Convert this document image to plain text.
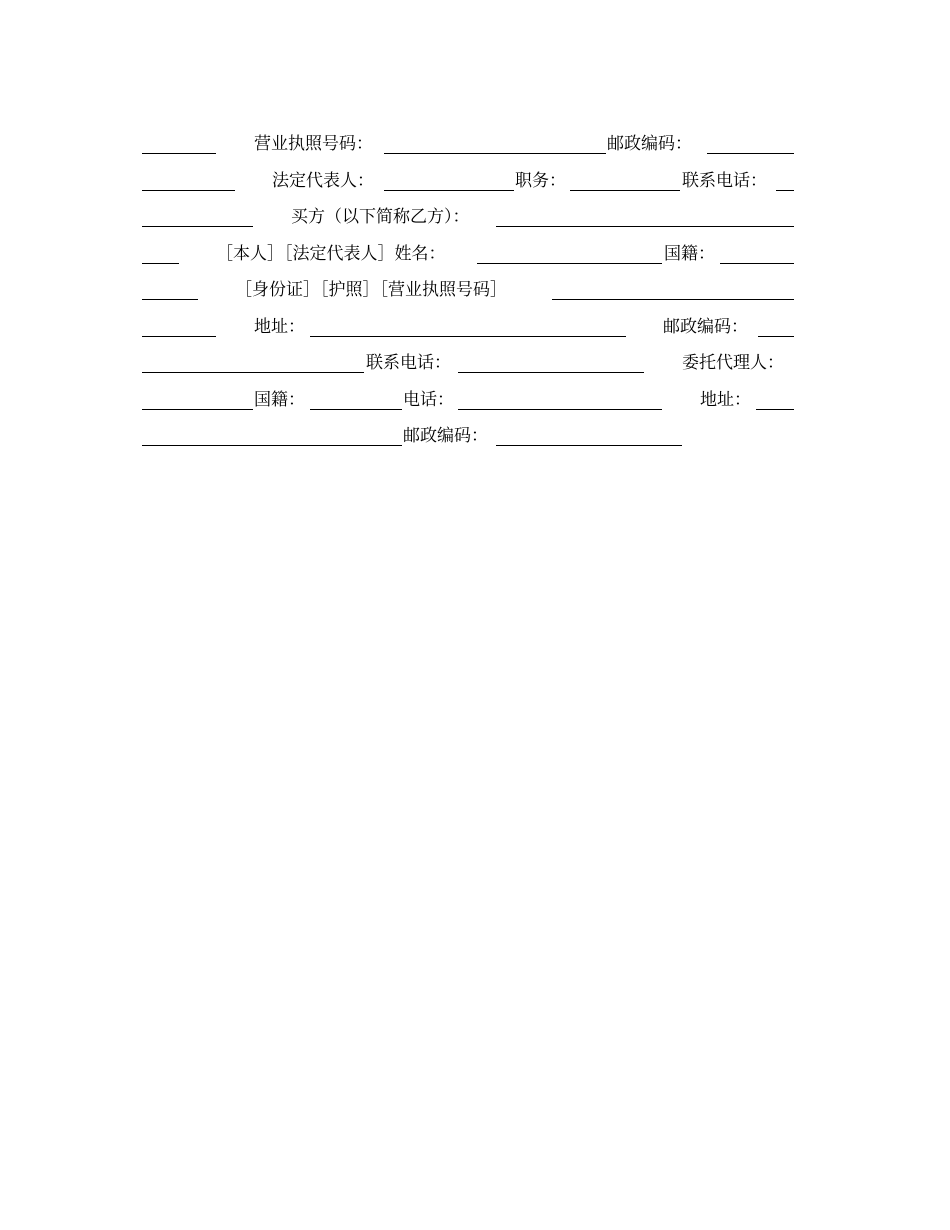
营业执照号码：	邮政编码：
法定代表人：	职务：	联系电话：
买方（以下简称乙方）：
［本人］［法定代表人］姓名：	国籍：
［身份证］［护照］［营业执照号码］
地址：	邮政编码：
联系电话：	委托代理人：
国籍：	电话：	地址：
邮政编码：
